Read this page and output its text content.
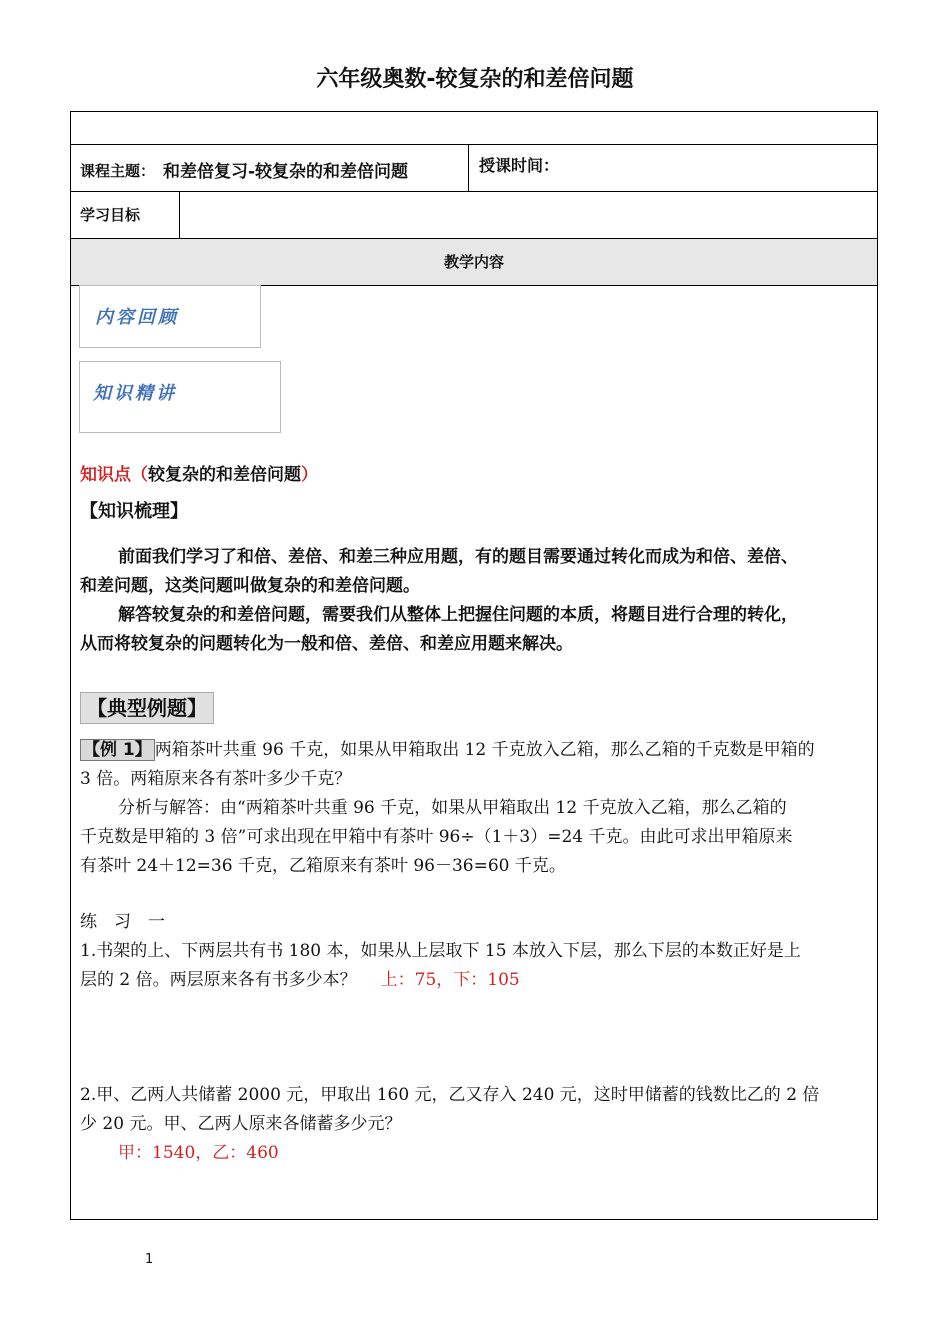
六年级奥数-较复杂的和差倍问题
课程主题： 和差倍复习-较复杂的和差倍问题	授课时间：
学习目标
教学内容
内容回顾
知识精讲
知识点（较复杂的和差倍问题）
【知识梳理】
前面我们学习了和倍、差倍、和差三种应用题，有的题目需要通过转化而成为和倍、差倍、
和差问题，这类问题叫做复杂的和差倍问题。
解答较复杂的和差倍问题，需要我们从整体上把握住问题的本质，将题目进行合理的转化，
从而将较复杂的问题转化为一般和倍、差倍、和差应用题来解决。
【典型例题】
【例 1】 两箱茶叶共重 96 千克，如果从甲箱取出 12 千克放入乙箱，那么乙箱的千克数是甲箱的
3 倍。两箱原来各有茶叶多少千克？
分析与解答：由“两箱茶叶共重 96 千克，如果从甲箱取出 12 千克放入乙箱，那么乙箱的
千克数是甲箱的 3 倍”可求出现在甲箱中有茶叶 96÷（1＋3）=24 千克。由此可求出甲箱原来
有茶叶 24＋12=36 千克，乙箱原来有茶叶 96－36=60 千克。
练　习　一
1.书架的上、下两层共有书 180 本，如果从上层取下 15 本放入下层，那么下层的本数正好是上
层的 2 倍。两层原来各有书多少本？ 上：75，下：105
2.甲、乙两人共储蓄 2000 元，甲取出 160 元，乙又存入 240 元，这时甲储蓄的钱数比乙的 2 倍
少 20 元。甲、乙两人原来各储蓄多少元？
甲：1540，乙：460
1
